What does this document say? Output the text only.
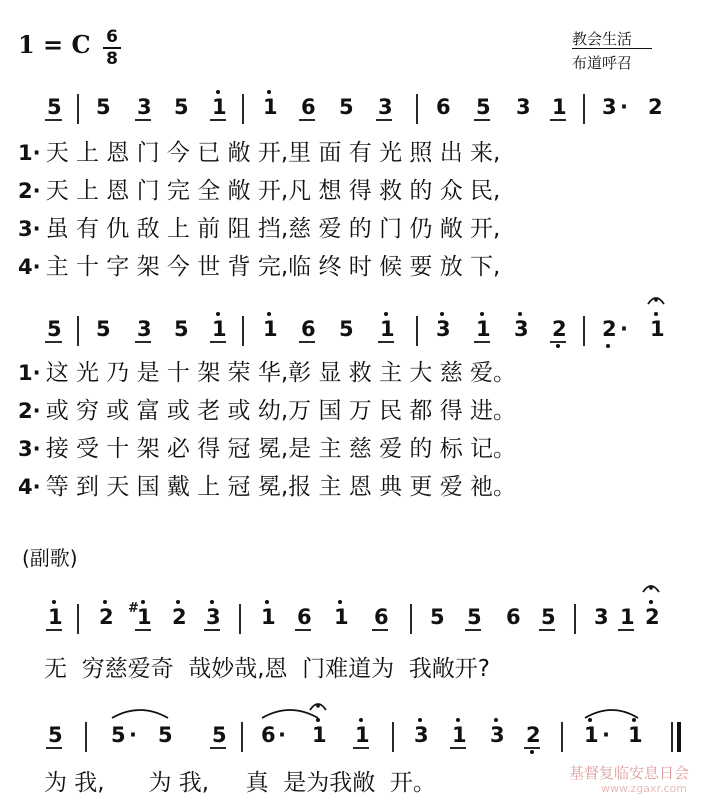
1 = C 6
8
教会生活
布道呼召
5 5 3 5 1 1 6 5 3 6 5 3 1 3 · 2
5 5 3 5 1 1 6 5 1 3 1 3 2 2 · 1
1 2 1 2 3 1 6 1 6 5 5 6 5 3 1 2
#
5 5 · 5 5 6 · 1 1 3 1 3 2 1 · 1
1· 天 上 恩 门 今 已 敞 开,里 面 有 光 照 出 来,
2· 天 上 恩 门 完 全 敞 开,凡 想 得 救 的 众 民,
3· 虽 有 仇 敌 上 前 阻 挡,慈 爱 的 门 仍 敞 开,
4· 主 十 字 架 今 世 背 完,临 终 时 候 要 放 下,
1· 这 光 乃 是 十 架 荣 华,彰 显 救 主 大 慈 爱。
2· 或 穷 或 富 或 老 或 幼,万 国 万 民 都 得 进。
3· 接 受 十 架 必 得 冠 冕,是 主 慈 爱 的 标 记。
4· 等 到 天 国 戴 上 冠 冕,报 主 恩 典 更 爱 祂。
(副歌)
无  穷慈爱奇  哉妙哉,恩  门难道为  我敞开?
为 我,      为 我,     真  是为我敞  开。	基督复临安息日会
www.zgaxr.com
